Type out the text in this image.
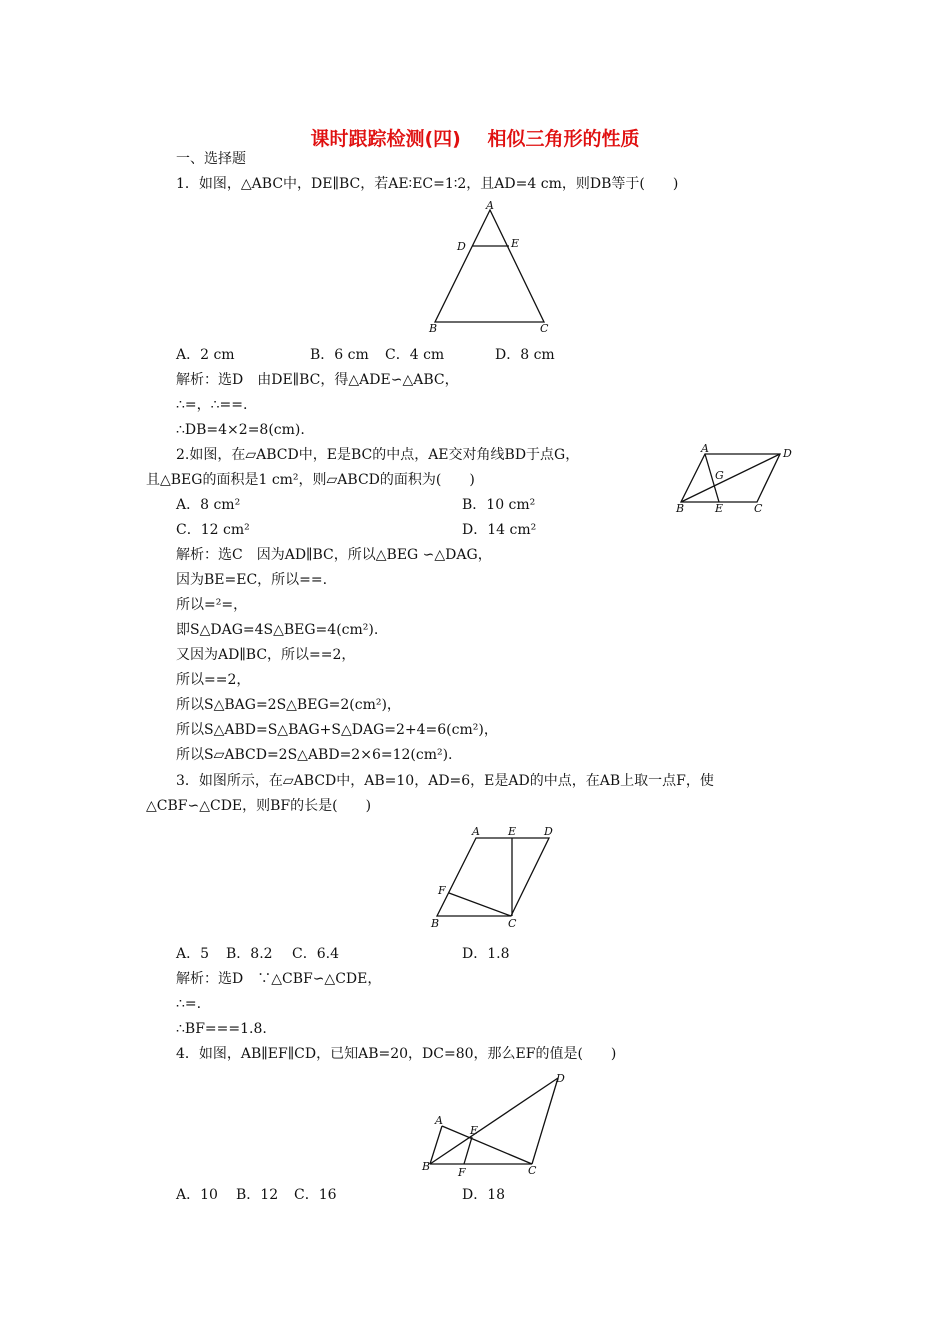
课时跟踪检测(四) 相似三角形的性质
一、选择题
1．如图，△ABC中，DE∥BC，若AE∶EC=1∶2，且AD=4 cm，则DB等于(　　)
A
D	E
B	C
A．2 cm	B．6 cm C．4 cm	D．8 cm
解析：选D　由DE∥BC，得△ADE∽△ABC，
∴=，∴==.
∴DB=4×2=8(cm).
2.如图，在▱ABCD中，E是BC的中点，AE交对角线BD于点G，
且△BEG的面积是1 cm²，则▱ABCD的面积为(　　)
A	D
G
B	E	C
A．8 cm²	B．10 cm²
C．12 cm²	D．14 cm²
解析：选C　因为AD∥BC，所以△BEG ∽△DAG，
因为BE=EC，所以==.
所以=²=，
即S△DAG=4S△BEG=4(cm²).
又因为AD∥BC，所以==2，
所以==2，
所以S△BAG=2S△BEG=2(cm²)，
所以S△ABD=S△BAG+S△DAG=2+4=6(cm²)，
所以S▱ABCD=2S△ABD=2×6=12(cm²).
3．如图所示，在▱ABCD中，AB=10，AD=6，E是AD的中点，在AB上取一点F，使
△CBF∽△CDE，则BF的长是(　　)
A	E	D
F
B	C
A．5 B．8.2 C．6.4	D．1.8
解析：选D　∵△CBF∽△CDE，
∴=.
∴BF===1.8.
4．如图，AB∥EF∥CD，已知AB=20，DC=80，那么EF的值是(　　)
D
A
E
B	F	C
A．10 B．12 C．16	D．18
